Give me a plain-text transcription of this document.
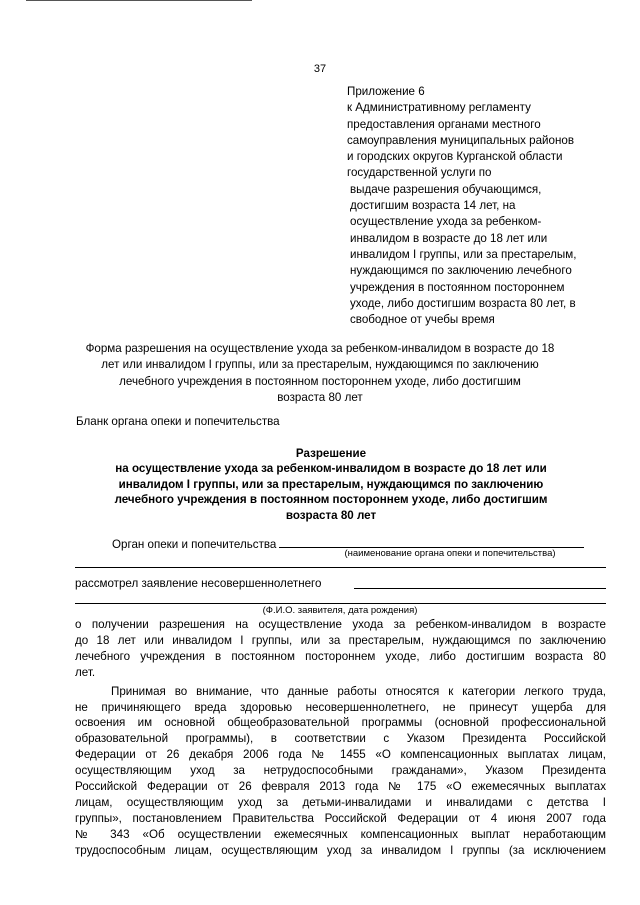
37
Приложение 6
к Административному регламенту
предоставления органами местного
самоуправления муниципальных районов
и городских округов Курганской области
государственной услуги по
выдаче разрешения обучающимся,
достигшим возраста 14 лет, на
осуществление ухода за ребенком-
инвалидом в возрасте до 18 лет или
инвалидом I группы, или за престарелым,
нуждающимся по заключению лечебного
учреждения в постоянном постороннем
уходе, либо достигшим возраста 80 лет, в
свободное от учебы время
Форма разрешения на осуществление ухода за ребенком-инвалидом в возрасте до 18
лет или инвалидом I группы, или за престарелым, нуждающимся по заключению
лечебного учреждения в постоянном постороннем уходе, либо достигшим
возраста 80 лет
Бланк органа опеки и попечительства
Разрешение
на осуществление ухода за ребенком-инвалидом в возрасте до 18 лет или
инвалидом I группы, или за престарелым, нуждающимся по заключению
лечебного учреждения в постоянном постороннем уходе, либо достигшим
возраста 80 лет
Орган опеки и попечительства
(наименование органа опеки и попечительства)
рассмотрел заявление несовершеннолетнего
(Ф.И.О. заявителя, дата рождения)
о получении разрешения на осуществление ухода за ребенком-инвалидом в возрасте
до 18 лет или инвалидом I группы, или за престарелым, нуждающимся по заключению
лечебного учреждения в постоянном постороннем уходе, либо достигшим возраста 80
лет.
Принимая во внимание, что данные работы относятся к категории легкого труда,
не причиняющего вреда здоровью несовершеннолетнего, не принесут ущерба для
освоения им основной общеобразовательной программы (основной профессиональной
образовательной программы), в соответствии с Указом Президента Российской
Федерации от 26 декабря 2006 года № 1455 «О компенсационных выплатах лицам,
осуществляющим уход за нетрудоспособными гражданами», Указом Президента
Российской Федерации от 26 февраля 2013 года № 175 «О ежемесячных выплатах
лицам, осуществляющим уход за детьми-инвалидами и инвалидами с детства I
группы», постановлением Правительства Российской Федерации от 4 июня 2007 года
№ 343 «Об осуществлении ежемесячных компенсационных выплат неработающим
трудоспособным лицам, осуществляющим уход за инвалидом I группы (за исключением
